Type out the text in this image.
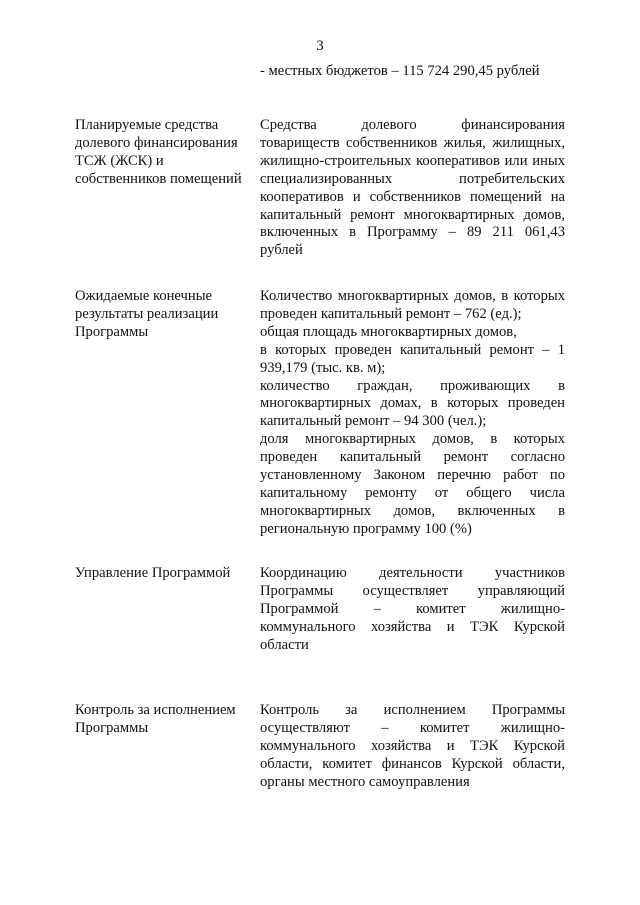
3

- местных бюджетов – 115 724 290,45 рублей

Планируемые средства долевого финансирования ТСЖ (ЖСК) и собственников помещений

Средства долевого финансирования товариществ собственников жилья, жилищных, жилищно-строительных кооперативов или иных специализированных потребительских кооперативов и собственников помещений на капитальный ремонт многоквартирных домов, включенных в Программу – 89 211 061,43 рублей

Ожидаемые конечные результаты реализации Программы

Количество многоквартирных домов, в которых проведен капитальный ремонт – 762 (ед.);

общая площадь многоквартирных домов,

в которых проведен капитальный ремонт – 1 939,179 (тыс. кв. м);

количество граждан, проживающих в многоквартирных домах, в которых проведен капитальный ремонт – 94 300 (чел.);

доля многоквартирных домов, в которых проведен капитальный ремонт согласно установленному Законом перечню работ по капитальному ремонту от общего числа многоквартирных домов, включенных в региональную программу 100 (%)

Управление Программой	Координацию деятельности участников Программы осуществляет управляющий Программой – комитет жилищно-коммунального хозяйства и ТЭК Курской области

Контроль за исполнением Программы

Контроль за исполнением Программы осуществляют – комитет жилищно-коммунального хозяйства и ТЭК Курской области, комитет финансов Курской области, органы местного самоуправления
